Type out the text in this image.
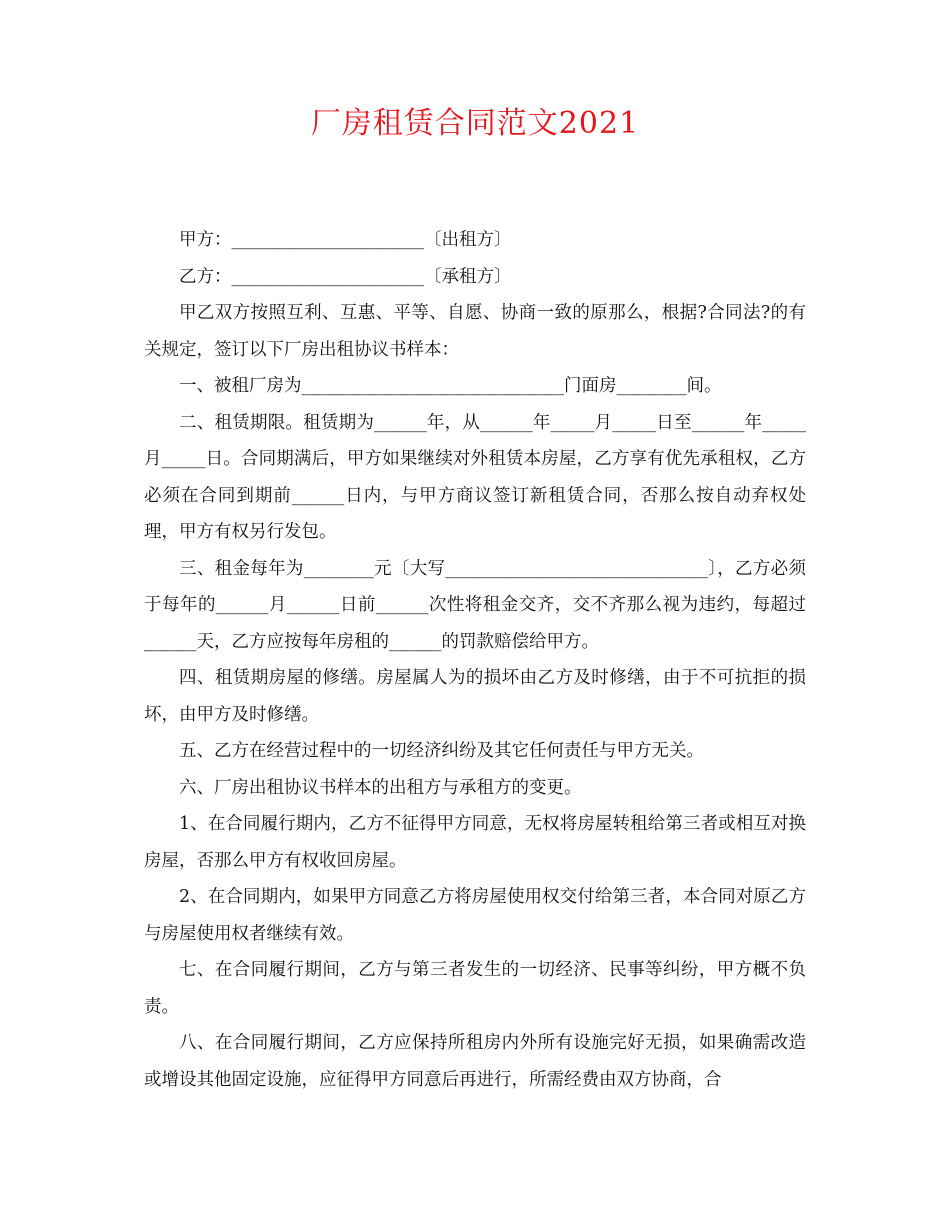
厂房租赁合同范文2021

甲方：______________________〔出租方〕

乙方：______________________〔承租方〕

甲乙双方按照互利、互惠、平等、自愿、协商一致的原那么，根据?合同法?的有关规定，签订以下厂房出租协议书样本：

一、被租厂房为______________________________门面房________间。

二、租赁期限。租赁期为______年，从______年_____月_____日至______年_____月_____日。合同期满后，甲方如果继续对外租赁本房屋，乙方享有优先承租权，乙方必须在合同到期前______日内，与甲方商议签订新租赁合同，否那么按自动弃权处理，甲方有权另行发包。

三、租金每年为________元〔大写______________________________〕，乙方必须于每年的______月______日前______次性将租金交齐，交不齐那么视为违约，每超过______天，乙方应按每年房租的______的罚款赔偿给甲方。

四、租赁期房屋的修缮。房屋属人为的损坏由乙方及时修缮，由于不可抗拒的损坏，由甲方及时修缮。

五、乙方在经营过程中的一切经济纠纷及其它任何责任与甲方无关。

六、厂房出租协议书样本的出租方与承租方的变更。

1、在合同履行期内，乙方不征得甲方同意，无权将房屋转租给第三者或相互对换房屋，否那么甲方有权收回房屋。

2、在合同期内，如果甲方同意乙方将房屋使用权交付给第三者，本合同对原乙方与房屋使用权者继续有效。

七、在合同履行期间，乙方与第三者发生的一切经济、民事等纠纷，甲方概不负责。

八、在合同履行期间，乙方应保持所租房内外所有设施完好无损，如果确需改造或增设其他固定设施，应征得甲方同意后再进行，所需经费由双方协商，合
